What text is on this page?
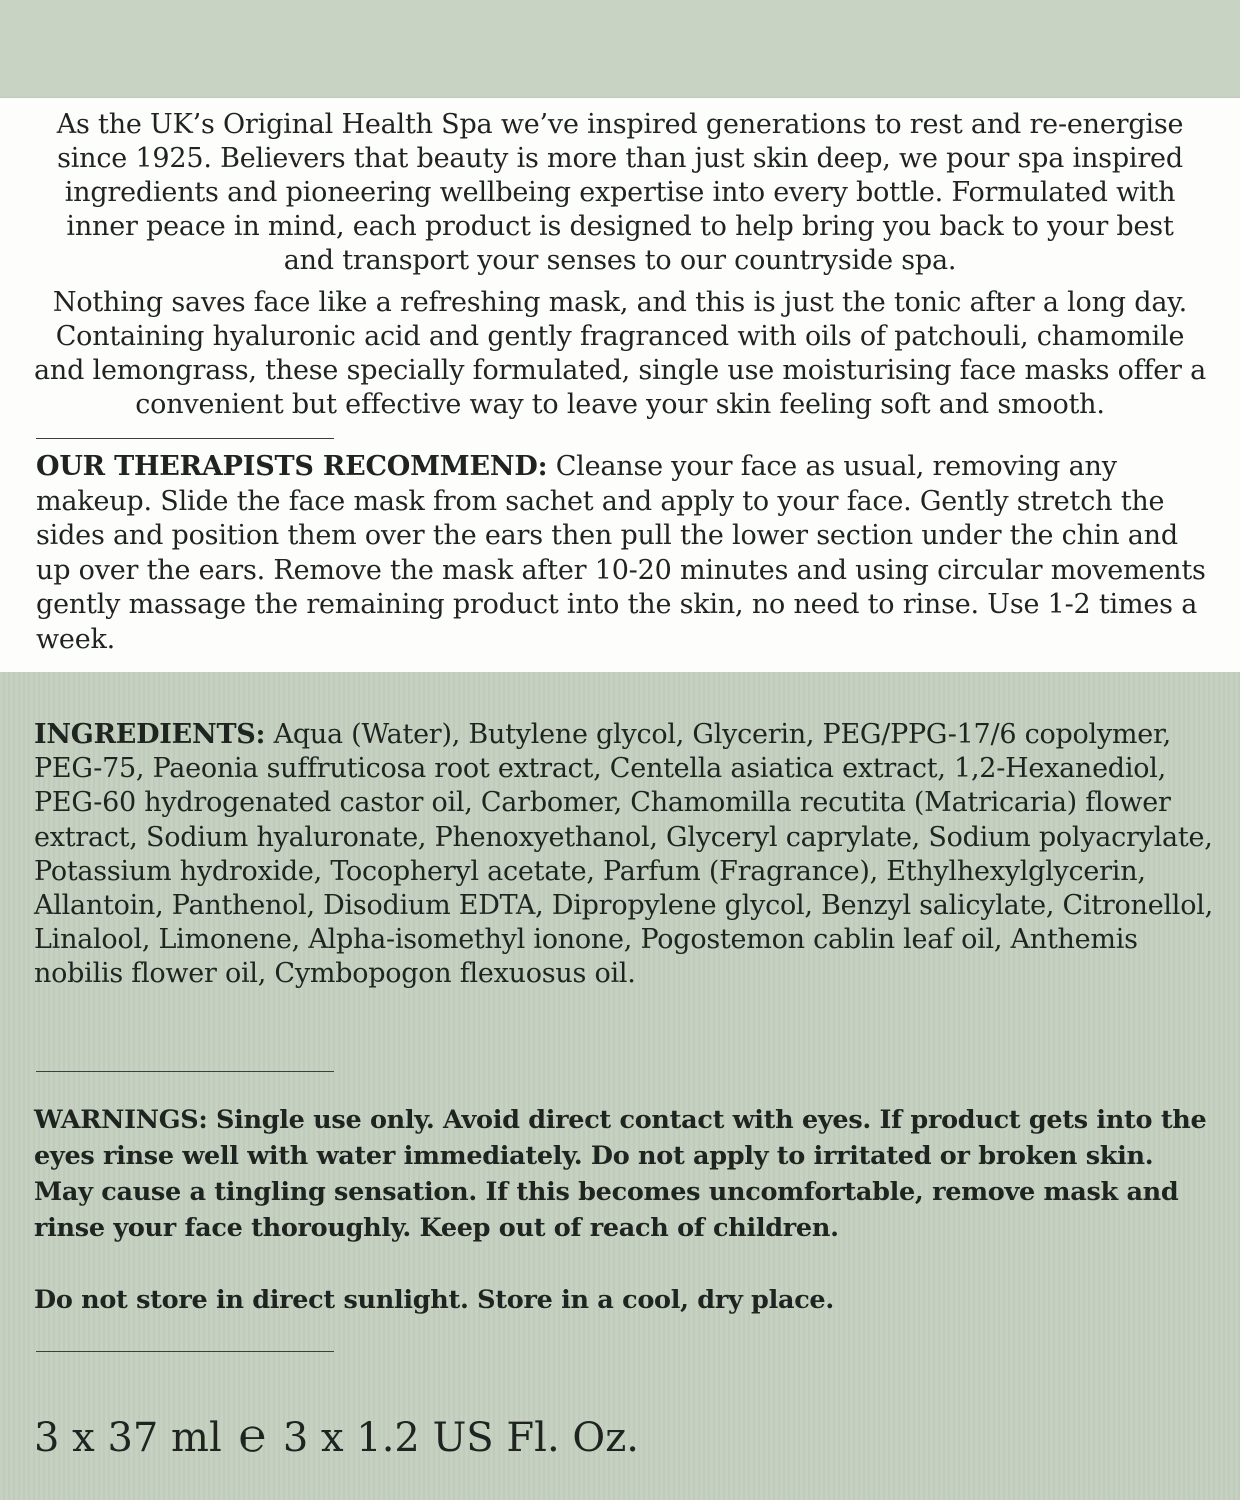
As the UK’s Original Health Spa we’ve inspired generations to rest and re-energise since 1925. Believers that beauty is more than just skin deep, we pour spa inspired ingredients and pioneering wellbeing expertise into every bottle. Formulated with inner peace in mind, each product is designed to help bring you back to your best and transport your senses to our countryside spa.

Nothing saves face like a refreshing mask, and this is just the tonic after a long day. Containing hyaluronic acid and gently fragranced with oils of patchouli, chamomile and lemongrass, these specially formulated, single use moisturising face masks offer a convenient but effective way to leave your skin feeling soft and smooth.

OUR THERAPISTS RECOMMEND: Cleanse your face as usual, removing any makeup. Slide the face mask from sachet and apply to your face. Gently stretch the sides and position them over the ears then pull the lower section under the chin and up over the ears. Remove the mask after 10-20 minutes and using circular movements gently massage the remaining product into the skin, no need to rinse. Use 1-2 times a week.

INGREDIENTS: Aqua (Water), Butylene glycol, Glycerin, PEG/PPG-17/6 copolymer, PEG-75, Paeonia suffruticosa root extract, Centella asiatica extract, 1,2-Hexanediol, PEG-60 hydrogenated castor oil, Carbomer, Chamomilla recutita (Matricaria) flower extract, Sodium hyaluronate, Phenoxyethanol, Glyceryl caprylate, Sodium polyacrylate, Potassium hydroxide, Tocopheryl acetate, Parfum (Fragrance), Ethylhexylglycerin, Allantoin, Panthenol, Disodium EDTA, Dipropylene glycol, Benzyl salicylate, Citronellol, Linalool, Limonene, Alpha-isomethyl ionone, Pogostemon cablin leaf oil, Anthemis nobilis flower oil, Cymbopogon flexuosus oil.

WARNINGS: Single use only. Avoid direct contact with eyes. If product gets into the eyes rinse well with water immediately. Do not apply to irritated or broken skin. May cause a tingling sensation. If this becomes uncomfortable, remove mask and rinse your face thoroughly. Keep out of reach of children.

Do not store in direct sunlight. Store in a cool, dry place.

3 x 37 ml ℮ 3 x 1.2 US Fl. Oz.
